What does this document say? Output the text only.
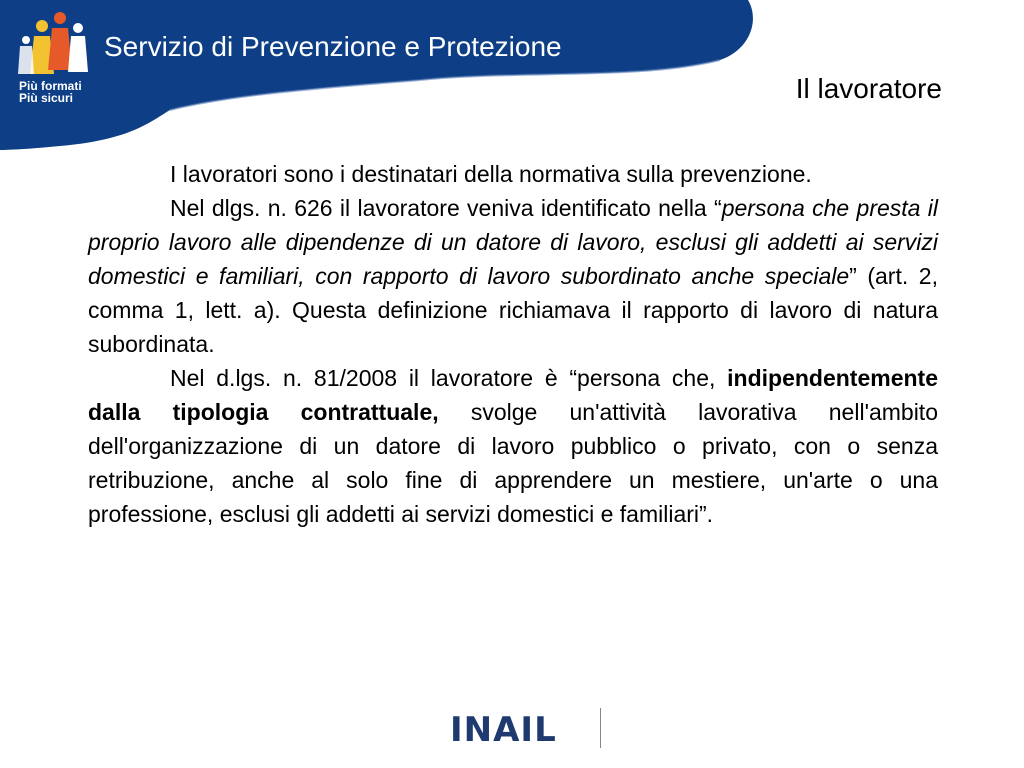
Più formati
Più sicuri
Servizio di Prevenzione e Protezione
Il lavoratore

I lavoratori sono i destinatari della normativa sulla prevenzione.

Nel dlgs. n. 626 il lavoratore veniva identificato nella “persona che presta il proprio lavoro alle dipendenze di un datore di lavoro, esclusi gli addetti ai servizi domestici e familiari, con rapporto di lavoro subordinato anche speciale” (art. 2, comma 1, lett. a). Questa definizione richiamava il rapporto di lavoro di natura subordinata.

Nel d.lgs. n. 81/2008 il lavoratore è “persona che, indipendentemente dalla tipologia contrattuale, svolge un'attività lavorativa nell'ambito dell'organizzazione di un datore di lavoro pubblico o privato, con o senza retribuzione, anche al solo fine di apprendere un mestiere, un'arte o una professione, esclusi gli addetti ai servizi domestici e familiari”.

INAIL
